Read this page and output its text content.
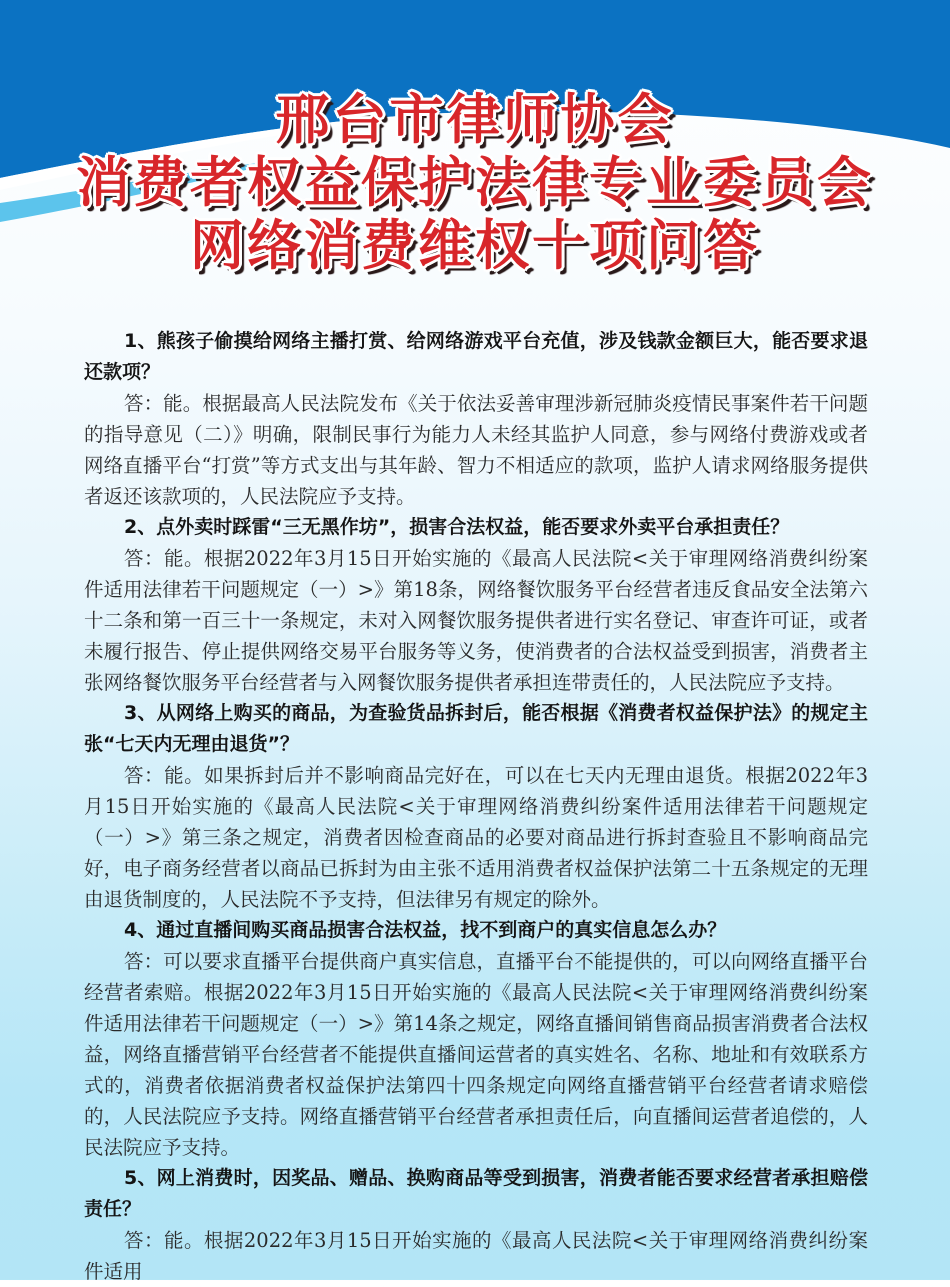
邢台市律师协会
消费者权益保护法律专业委员会
网络消费维权十项问答

1、熊孩子偷摸给网络主播打赏、给网络游戏平台充值，涉及钱款金额巨大，能否要求退还款项？

答：能。根据最高人民法院发布《关于依法妥善审理涉新冠肺炎疫情民事案件若干问题的指导意见（二）》明确，限制民事行为能力人未经其监护人同意，参与网络付费游戏或者网络直播平台“打赏”等方式支出与其年龄、智力不相适应的款项，监护人请求网络服务提供者返还该款项的，人民法院应予支持。

2、点外卖时踩雷“三无黑作坊”，损害合法权益，能否要求外卖平台承担责任？

答：能。根据2022年3月15日开始实施的《最高人民法院<关于审理网络消费纠纷案件适用法律若干问题规定（一）>》第18条，网络餐饮服务平台经营者违反食品安全法第六十二条和第一百三十一条规定，未对入网餐饮服务提供者进行实名登记、审查许可证，或者未履行报告、停止提供网络交易平台服务等义务，使消费者的合法权益受到损害，消费者主张网络餐饮服务平台经营者与入网餐饮服务提供者承担连带责任的，人民法院应予支持。

3、从网络上购买的商品，为查验货品拆封后，能否根据《消费者权益保护法》的规定主张“七天内无理由退货”？

答：能。如果拆封后并不影响商品完好在，可以在七天内无理由退货。根据2022年3月15日开始实施的《最高人民法院<关于审理网络消费纠纷案件适用法律若干问题规定（一）>》第三条之规定，消费者因检查商品的必要对商品进行拆封查验且不影响商品完好，电子商务经营者以商品已拆封为由主张不适用消费者权益保护法第二十五条规定的无理由退货制度的，人民法院不予支持，但法律另有规定的除外。

4、通过直播间购买商品损害合法权益，找不到商户的真实信息怎么办？

答：可以要求直播平台提供商户真实信息，直播平台不能提供的，可以向网络直播平台经营者索赔。根据2022年3月15日开始实施的《最高人民法院<关于审理网络消费纠纷案件适用法律若干问题规定（一）>》第14条之规定，网络直播间销售商品损害消费者合法权益，网络直播营销平台经营者不能提供直播间运营者的真实姓名、名称、地址和有效联系方式的，消费者依据消费者权益保护法第四十四条规定向网络直播营销平台经营者请求赔偿的，人民法院应予支持。网络直播营销平台经营者承担责任后，向直播间运营者追偿的，人民法院应予支持。

5、网上消费时，因奖品、赠品、换购商品等受到损害，消费者能否要求经营者承担赔偿责任？

答：能。根据2022年3月15日开始实施的《最高人民法院<关于审理网络消费纠纷案件适用
